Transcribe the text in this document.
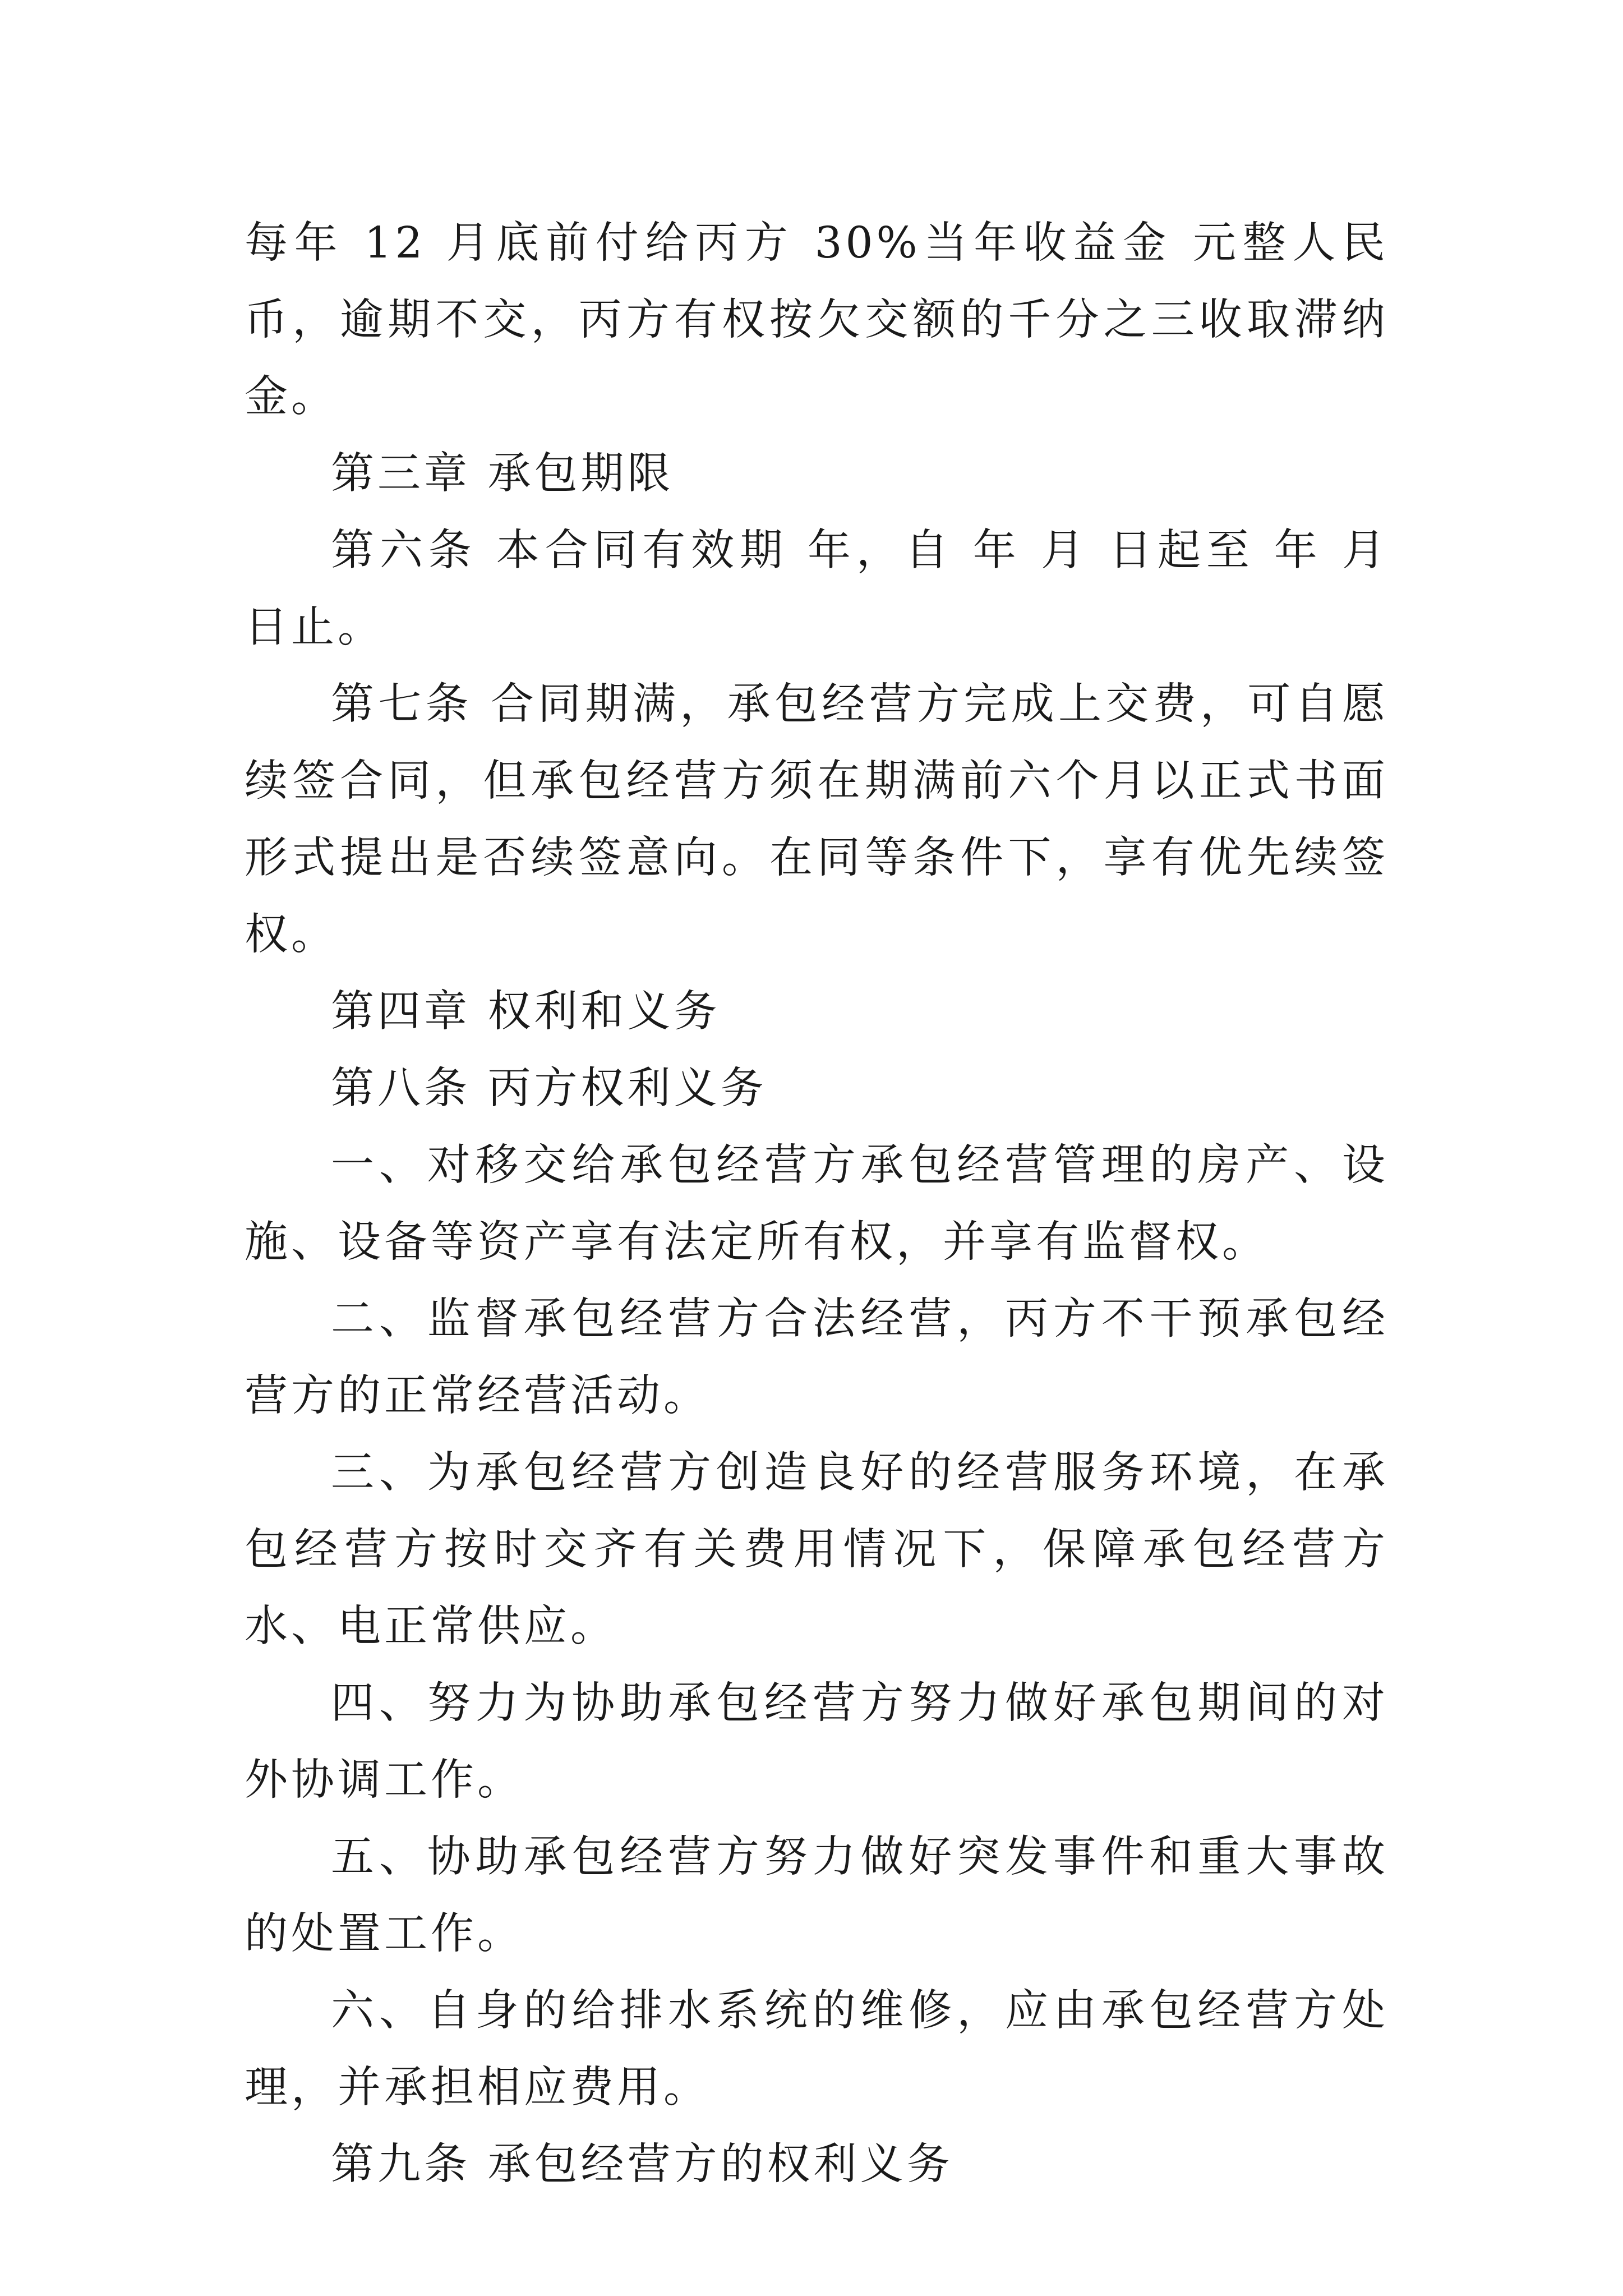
每年 12 月底前付给丙方 30%当年收益金 元整人民币，逾期不交，丙方有权按欠交额的千分之三收取滞纳金。

第三章 承包期限

第六条 本合同有效期 年，自 年 月 日起至 年 月 日止。

第七条 合同期满，承包经营方完成上交费，可自愿续签合同，但承包经营方须在期满前六个月以正式书面形式提出是否续签意向。在同等条件下，享有优先续签权。

第四章 权利和义务

第八条 丙方权利义务

一、对移交给承包经营方承包经营管理的房产、设施、设备等资产享有法定所有权，并享有监督权。

二、监督承包经营方合法经营，丙方不干预承包经营方的正常经营活动。

三、为承包经营方创造良好的经营服务环境，在承包经营方按时交齐有关费用情况下，保障承包经营方水、电正常供应。

四、努力为协助承包经营方努力做好承包期间的对外协调工作。

五、协助承包经营方努力做好突发事件和重大事故的处置工作。

六、自身的给排水系统的维修，应由承包经营方处理，并承担相应费用。

第九条 承包经营方的权利义务
